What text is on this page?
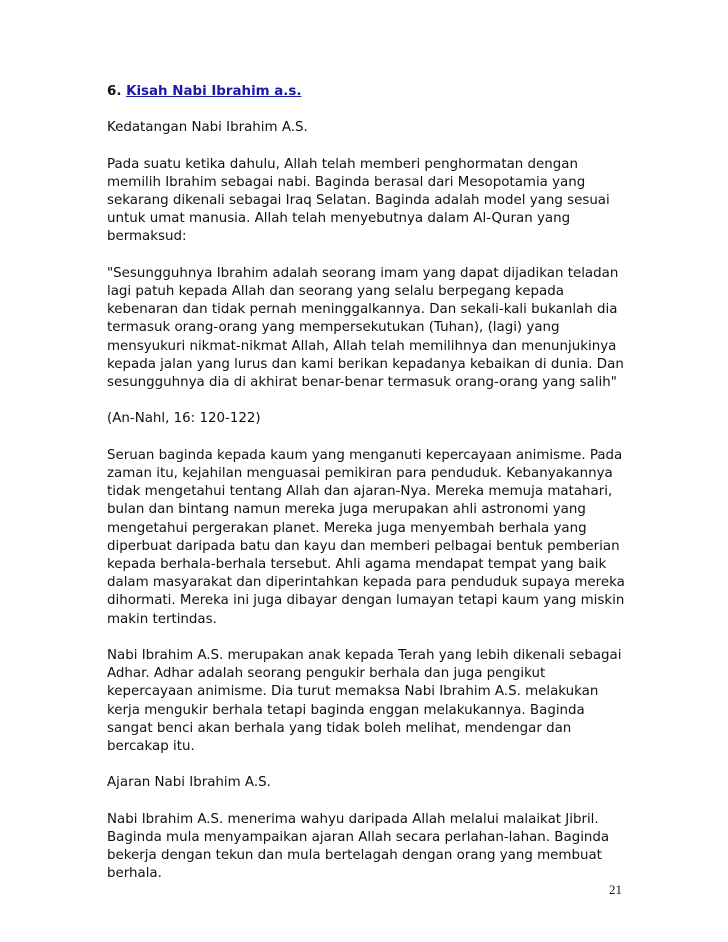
6. Kisah Nabi Ibrahim a.s.

Kedatangan Nabi Ibrahim A.S.

Pada suatu ketika dahulu, Allah telah memberi penghormatan dengan memilih Ibrahim sebagai nabi. Baginda berasal dari Mesopotamia yang sekarang dikenali sebagai Iraq Selatan. Baginda adalah model yang sesuai untuk umat manusia. Allah telah menyebutnya dalam Al-Quran yang bermaksud:

"Sesungguhnya Ibrahim adalah seorang imam yang dapat dijadikan teladan lagi patuh kepada Allah dan seorang yang selalu berpegang kepada kebenaran dan tidak pernah meninggalkannya. Dan sekali-kali bukanlah dia termasuk orang-orang yang mempersekutukan (Tuhan), (lagi) yang mensyukuri nikmat-nikmat Allah, Allah telah memilihnya dan menunjukinya kepada jalan yang lurus dan kami berikan kepadanya kebaikan di dunia. Dan sesungguhnya dia di akhirat benar-benar termasuk orang-orang yang salih"

(An-Nahl, 16: 120-122)

Seruan baginda kepada kaum yang menganuti kepercayaan animisme. Pada zaman itu, kejahilan menguasai pemikiran para penduduk. Kebanyakannya tidak mengetahui tentang Allah dan ajaran-Nya. Mereka memuja matahari, bulan dan bintang namun mereka juga merupakan ahli astronomi yang mengetahui pergerakan planet. Mereka juga menyembah berhala yang diperbuat daripada batu dan kayu dan memberi pelbagai bentuk pemberian kepada berhala-berhala tersebut. Ahli agama mendapat tempat yang baik dalam masyarakat dan diperintahkan kepada para penduduk supaya mereka dihormati. Mereka ini juga dibayar dengan lumayan tetapi kaum yang miskin makin tertindas.

Nabi Ibrahim A.S. merupakan anak kepada Terah yang lebih dikenali sebagai Adhar. Adhar adalah seorang pengukir berhala dan juga pengikut kepercayaan animisme. Dia turut memaksa Nabi Ibrahim A.S. melakukan kerja mengukir berhala tetapi baginda enggan melakukannya. Baginda sangat benci akan berhala yang tidak boleh melihat, mendengar dan bercakap itu.

Ajaran Nabi Ibrahim A.S.

Nabi Ibrahim A.S. menerima wahyu daripada Allah melalui malaikat Jibril. Baginda mula menyampaikan ajaran Allah secara perlahan-lahan. Baginda bekerja dengan tekun dan mula bertelagah dengan orang yang membuat berhala.

21
